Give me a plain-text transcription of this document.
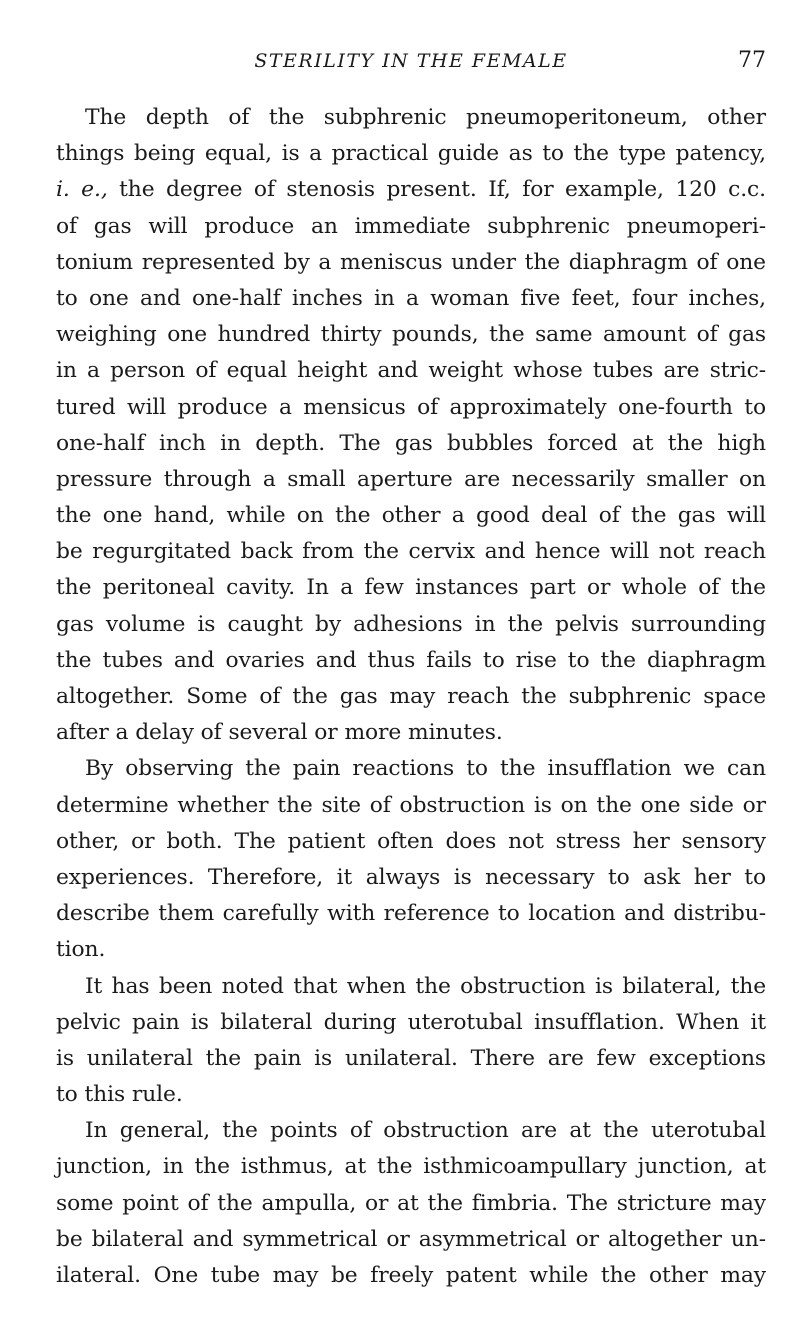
STERILITY IN THE FEMALE	77
The depth of the subphrenic pneumoperitoneum, other
things being equal, is a practical guide as to the type patency,
i. e., the degree of stenosis present. If, for example, 120 c.c.
of gas will produce an immediate subphrenic pneumoperi-
tonium represented by a meniscus under the diaphragm of one
to one and one-half inches in a woman five feet, four inches,
weighing one hundred thirty pounds, the same amount of gas
in a person of equal height and weight whose tubes are stric-
tured will produce a mensicus of approximately one-fourth to
one-half inch in depth. The gas bubbles forced at the high
pressure through a small aperture are necessarily smaller on
the one hand, while on the other a good deal of the gas will
be regurgitated back from the cervix and hence will not reach
the peritoneal cavity. In a few instances part or whole of the
gas volume is caught by adhesions in the pelvis surrounding
the tubes and ovaries and thus fails to rise to the diaphragm
altogether. Some of the gas may reach the subphrenic space
after a delay of several or more minutes.
By observing the pain reactions to the insufflation we can
determine whether the site of obstruction is on the one side or
other, or both. The patient often does not stress her sensory
experiences. Therefore, it always is necessary to ask her to
describe them carefully with reference to location and distribu-
tion.
It has been noted that when the obstruction is bilateral, the
pelvic pain is bilateral during uterotubal insufflation. When it
is unilateral the pain is unilateral. There are few exceptions
to this rule.
In general, the points of obstruction are at the uterotubal
junction, in the isthmus, at the isthmicoampullary junction, at
some point of the ampulla, or at the fimbria. The stricture may
be bilateral and symmetrical or asymmetrical or altogether un-
ilateral. One tube may be freely patent while the other may
